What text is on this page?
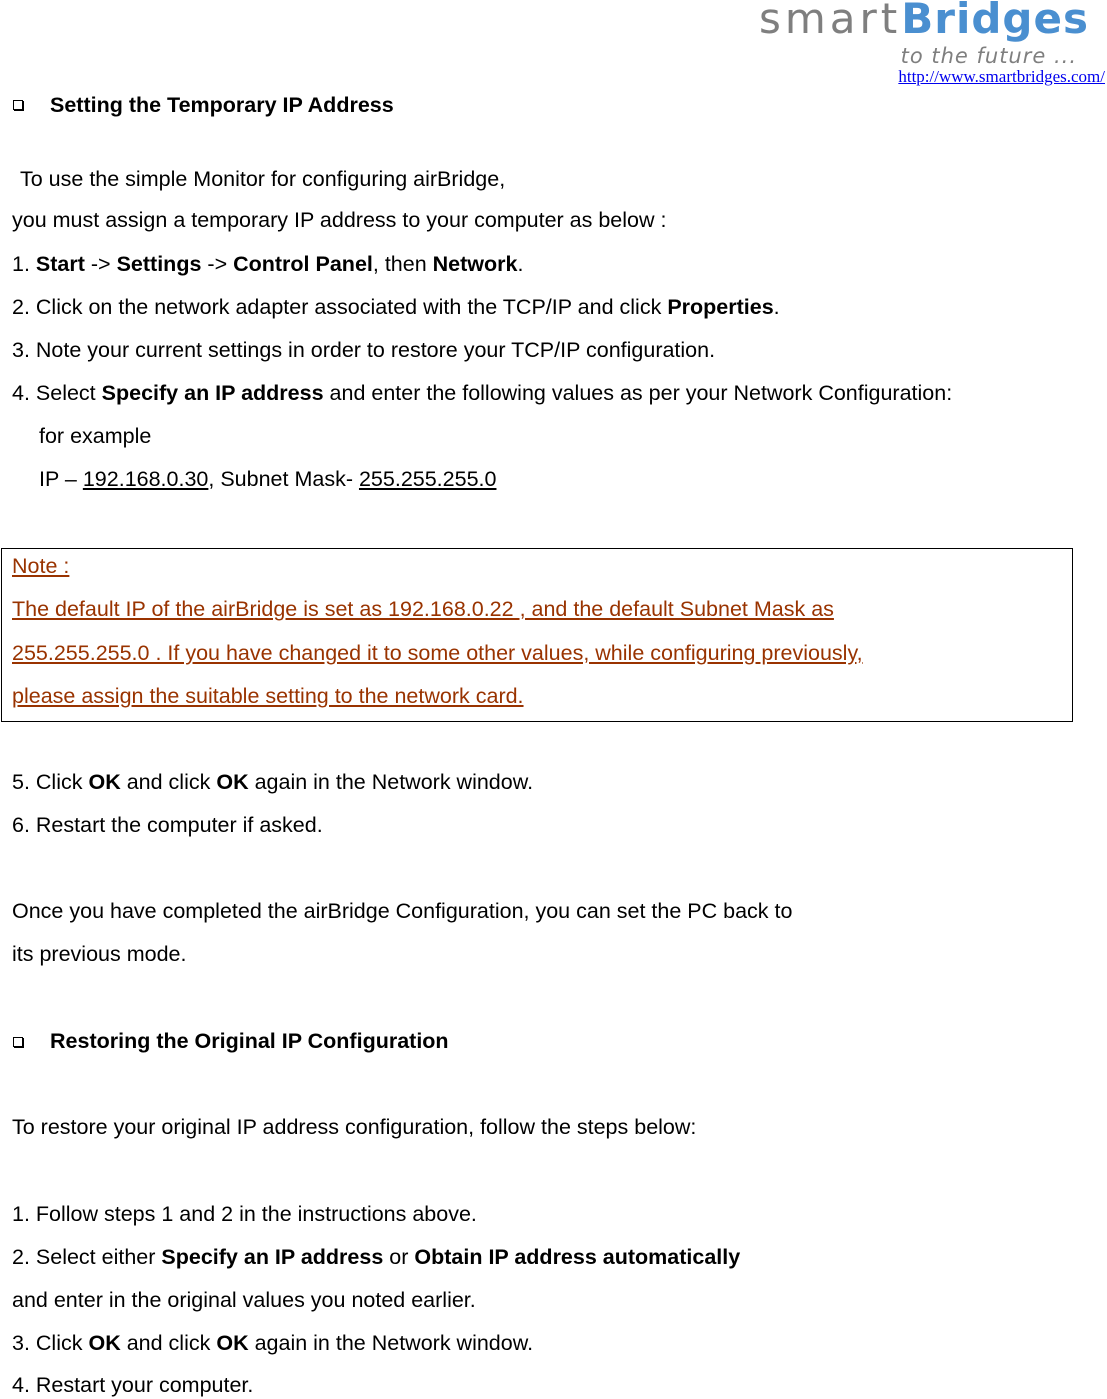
smartBridges
to the future ...
http://www.smartbridges.com/
Setting the Temporary IP Address
To use the simple Monitor for configuring airBridge,
you must assign a temporary IP address to your computer as below :
1. Start -> Settings -> Control Panel, then Network.
2. Click on the network adapter associated with the TCP/IP and click Properties.
3. Note your current settings in order to restore your TCP/IP configuration.
4. Select Specify an IP address and enter the following values as per your Network Configuration:
for example
IP – 192.168.0.30, Subnet Mask- 255.255.255.0
Note :
The default IP of the airBridge is set as 192.168.0.22 , and the default Subnet Mask as
255.255.255.0 . If you have changed it to some other values, while configuring previously,
please assign the suitable setting to the network card.
5. Click OK and click OK again in the Network window.
6. Restart the computer if asked.
Once you have completed the airBridge Configuration, you can set the PC back to
its previous mode.
Restoring the Original IP Configuration
To restore your original IP address configuration, follow the steps below:
1. Follow steps 1 and 2 in the instructions above.
2. Select either Specify an IP address or Obtain IP address automatically
and enter in the original values you noted earlier.
3. Click OK and click OK again in the Network window.
4. Restart your computer.
